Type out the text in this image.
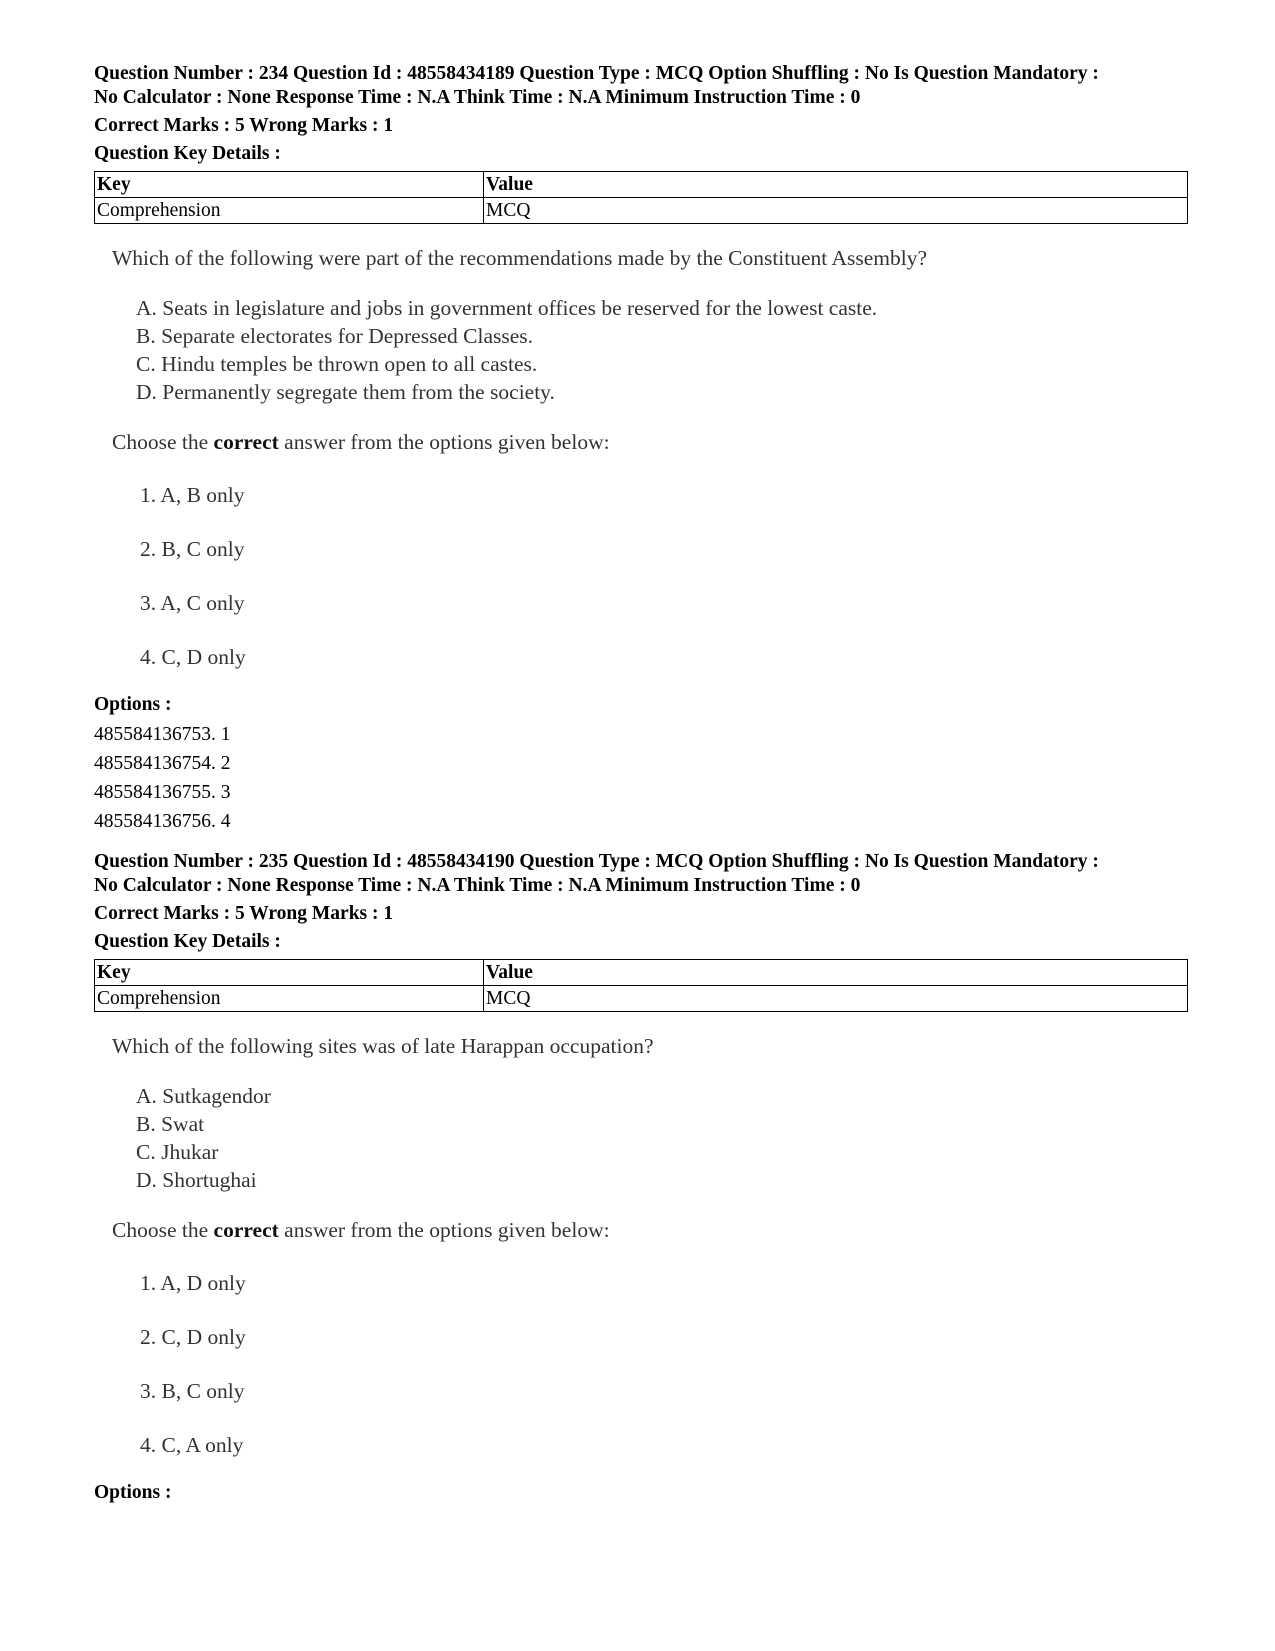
Question Number : 234 Question Id : 48558434189 Question Type : MCQ Option Shuffling : No Is Question Mandatory :
No Calculator : None Response Time : N.A Think Time : N.A Minimum Instruction Time : 0
Correct Marks : 5 Wrong Marks : 1
Question Key Details :
Key	Value
Comprehension	MCQ
Which of the following were part of the recommendations made by the Constituent Assembly?
A. Seats in legislature and jobs in government offices be reserved for the lowest caste.
B. Separate electorates for Depressed Classes.
C. Hindu temples be thrown open to all castes.
D. Permanently segregate them from the society.
Choose the correct answer from the options given below:
1. A, B only
2. B, C only
3. A, C only
4. C, D only
Options :
485584136753. 1
485584136754. 2
485584136755. 3
485584136756. 4
Question Number : 235 Question Id : 48558434190 Question Type : MCQ Option Shuffling : No Is Question Mandatory :
No Calculator : None Response Time : N.A Think Time : N.A Minimum Instruction Time : 0
Correct Marks : 5 Wrong Marks : 1
Question Key Details :
Key	Value
Comprehension	MCQ
Which of the following sites was of late Harappan occupation?
A. Sutkagendor
B. Swat
C. Jhukar
D. Shortughai
Choose the correct answer from the options given below:
1. A, D only
2. C, D only
3. B, C only
4. C, A only
Options :
